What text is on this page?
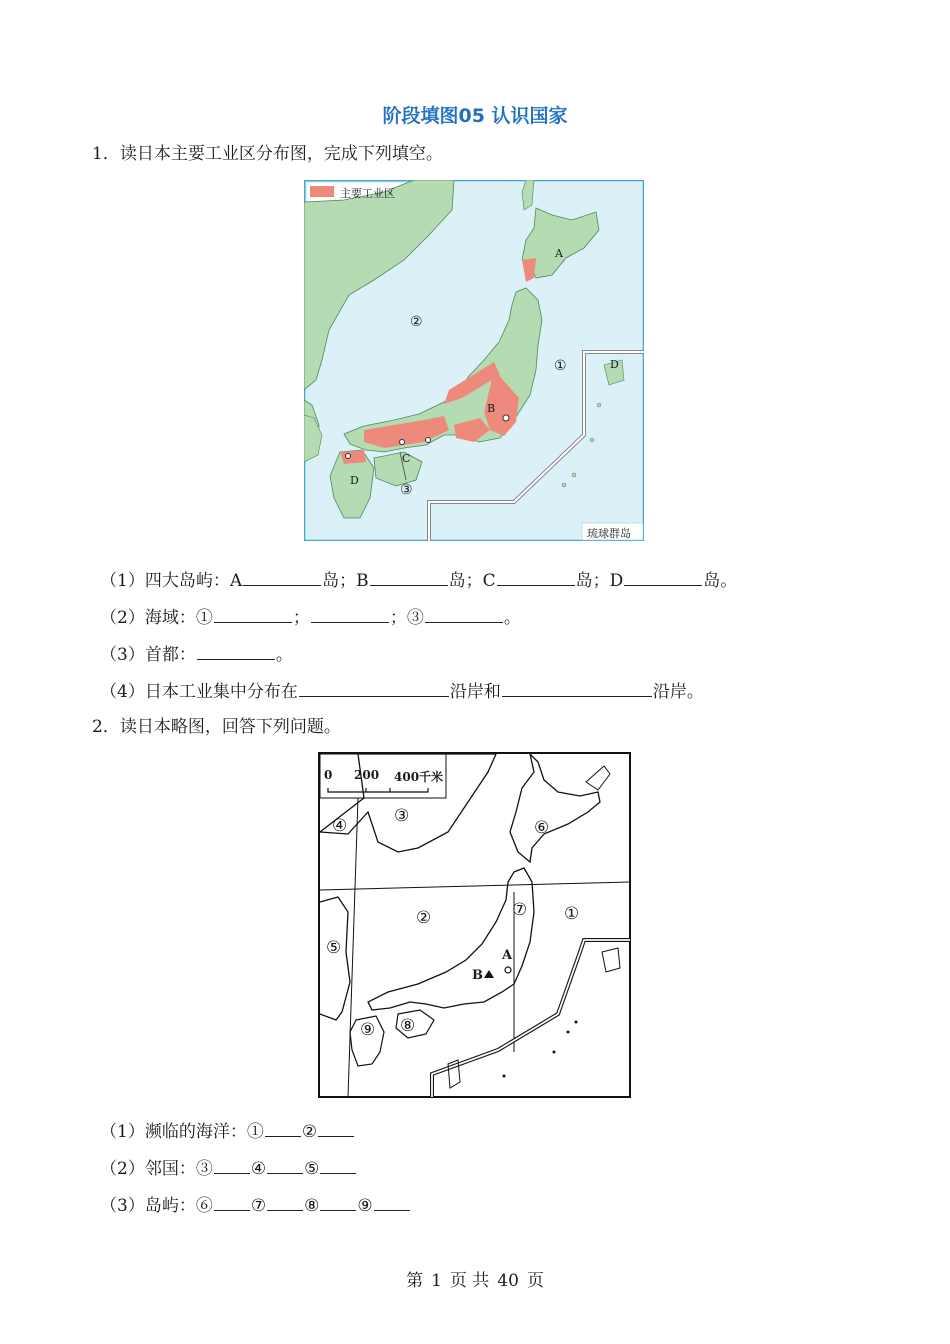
阶段填图05 认识国家
1．读日本主要工业区分布图，完成下列填空。
主要工业区
A
B
C
D
D
①
②
③
琉球群岛
（1）四大岛屿：A	岛；B	岛；C	岛；D	岛。
（2）海域：①	；	；③	。
（3）首都：	。
（4）日本工业集中分布在	沿岸和	沿岸。
2．读日本略图，回答下列问题。
0 200 400千米
①
②
③
④
⑤
⑥
⑦
⑧
⑨
A
B
（1）濒临的海洋：① ②
（2）邻国：③ ④ ⑤
（3）岛屿：⑥ ⑦ ⑧ ⑨
第 1 页 共 40 页
